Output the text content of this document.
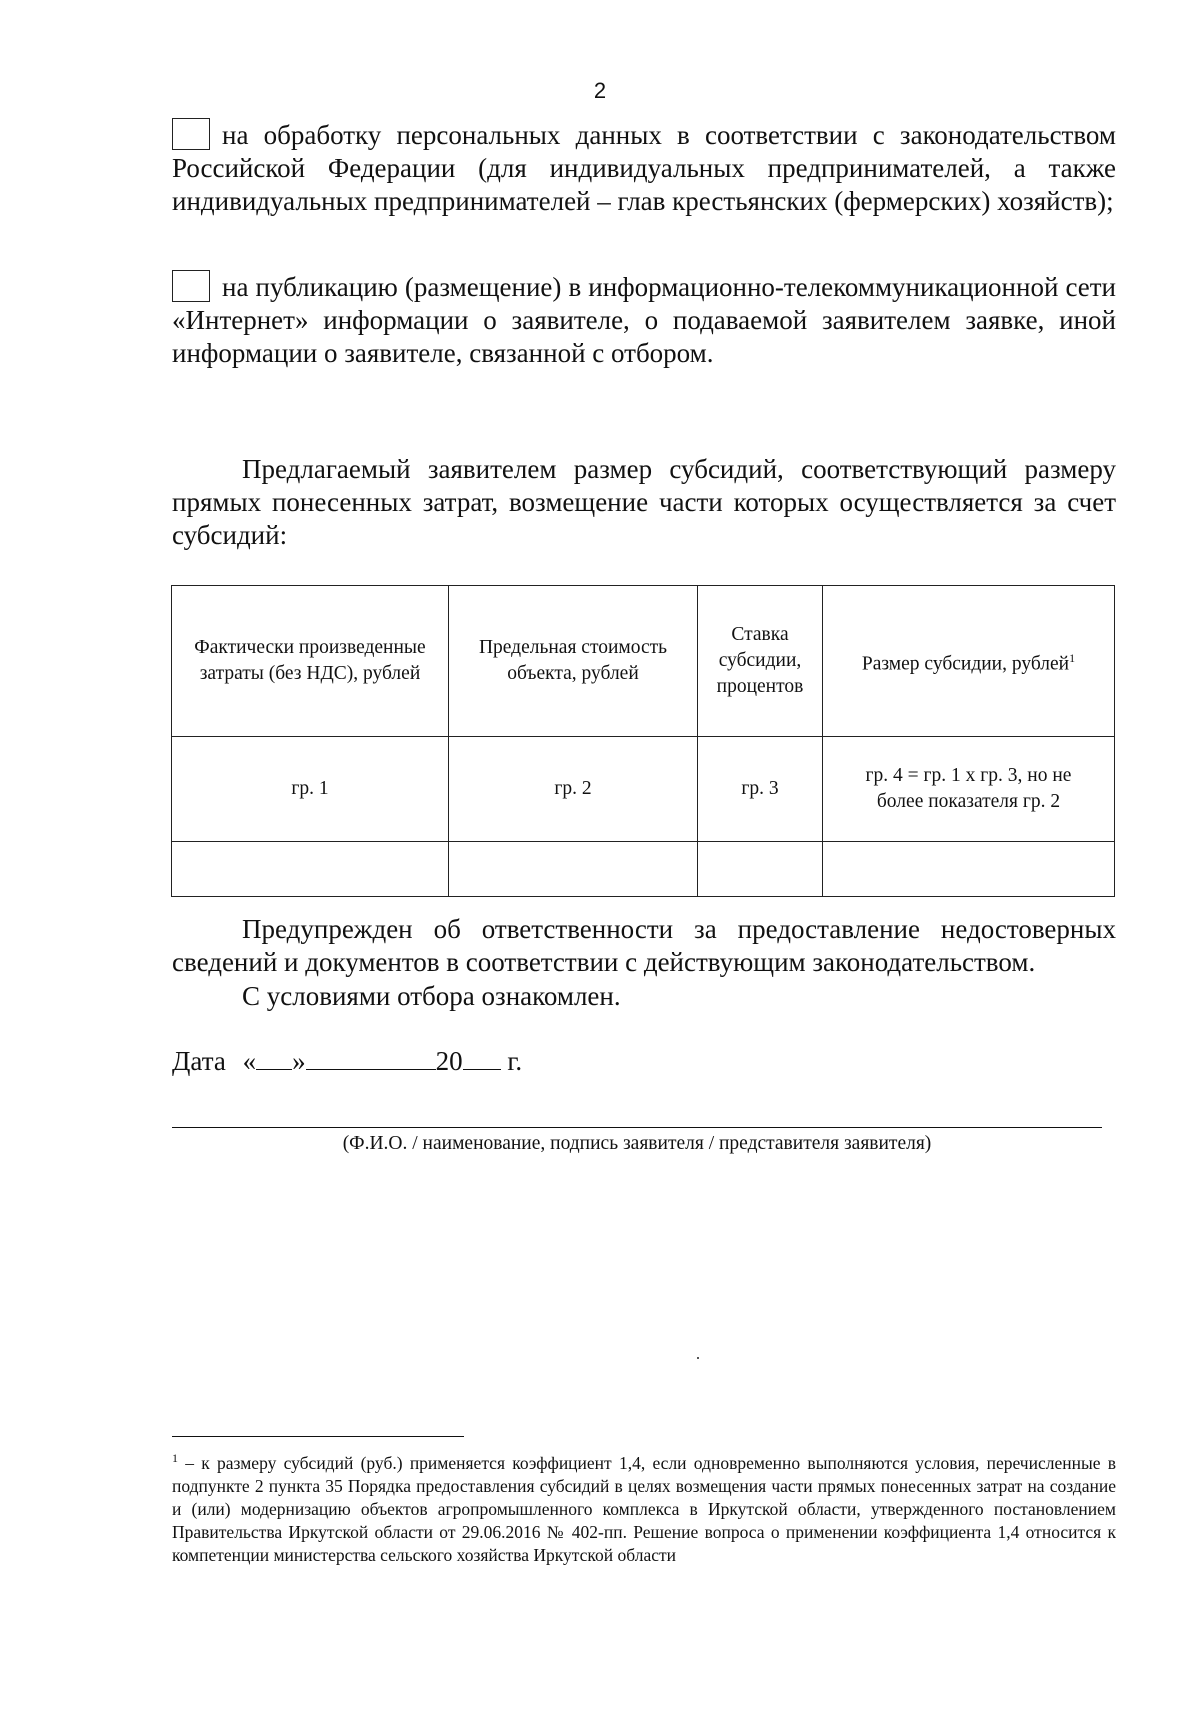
2
на обработку персональных данных в соответствии с законодательством Российской Федерации (для индивидуальных предпринимателей, а также индивидуальных предпринимателей – глав крестьянских (фермерских) хозяйств);
на публикацию (размещение) в информационно-телекоммуникационной сети «Интернет» информации о заявителе, о подаваемой заявителем заявке, иной информации о заявителе, связанной с отбором.
Предлагаемый заявителем размер субсидий, соответствующий размеру прямых понесенных затрат, возмещение части которых осуществляется за счет субсидий:
Фактически произведенные затраты (без НДС), рублей	Предельная стоимость объекта, рублей	Ставка субсидии, процентов	Размер субсидии, рублей$^1$
гр. 1	гр. 2	гр. 3	гр. 4 = гр. 1 х гр. 3, но не более показателя гр. 2

Предупрежден об ответственности за предоставление недостоверных сведений и документов в соответствии с действующим законодательством.
С условиями отбора ознакомлен.
Дата « »	20 г.
(Ф.И.О. / наименование, подпись заявителя / представителя заявителя)
$^1$ – к размеру субсидий (руб.) применяется коэффициент 1,4, если одновременно выполняются условия, перечисленные в подпункте 2 пункта 35 Порядка предоставления субсидий в целях возмещения части прямых понесенных затрат на создание и (или) модернизацию объектов агропромышленного комплекса в Иркутской области, утвержденного постановлением Правительства Иркутской области от 29.06.2016 № 402-пп. Решение вопроса о применении коэффициента 1,4 относится к компетенции министерства сельского хозяйства Иркутской области
